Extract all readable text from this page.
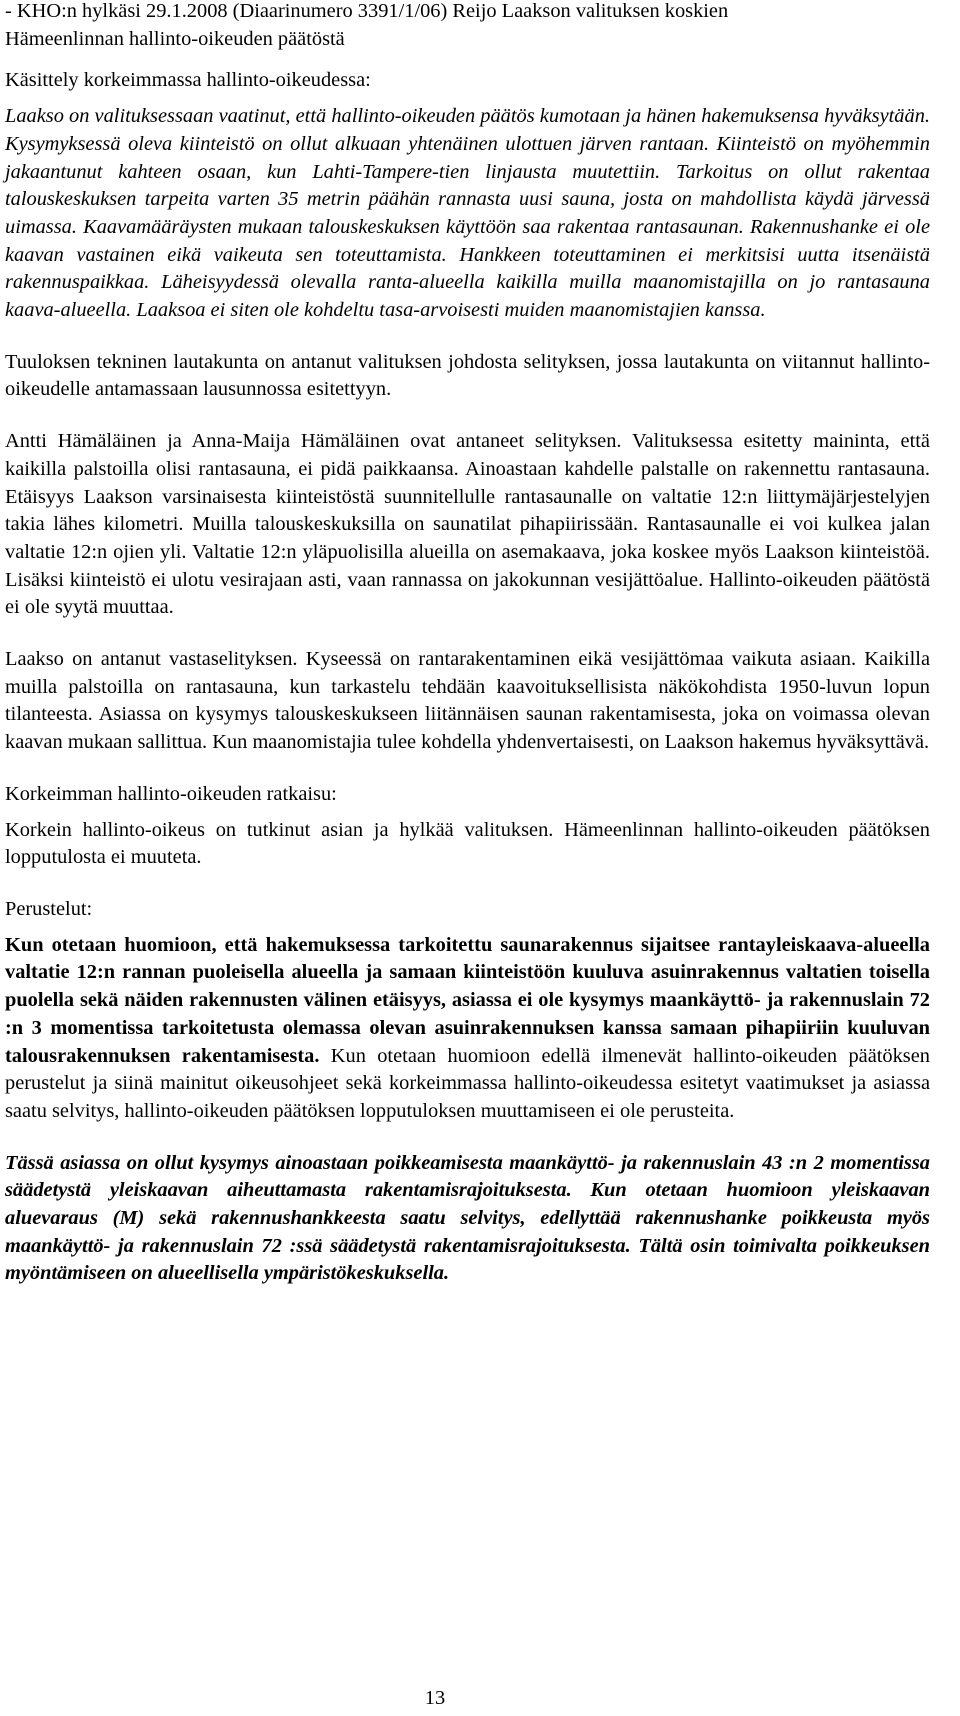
- KHO:n hylkäsi 29.1.2008 (Diaarinumero 3391/1/06) Reijo Laakson valituksen koskien

Hämeenlinnan hallinto-oikeuden päätöstä

Käsittely korkeimmassa hallinto-oikeudessa:

Laakso on valituksessaan vaatinut, että hallinto-oikeuden päätös kumotaan ja hänen hakemuksensa hyväksytään. Kysymyksessä oleva kiinteistö on ollut alkuaan yhtenäinen ulottuen järven rantaan. Kiinteistö on myöhemmin jakaantunut kahteen osaan, kun Lahti-Tampere-tien linjausta muutettiin. Tarkoitus on ollut rakentaa talouskeskuksen tarpeita varten 35 metrin päähän rannasta uusi sauna, josta on mahdollista käydä järvessä uimassa. Kaavamääräysten mukaan talouskeskuksen käyttöön saa rakentaa rantasaunan. Rakennushanke ei ole kaavan vastainen eikä vaikeuta sen toteuttamista. Hankkeen toteuttaminen ei merkitsisi uutta itsenäistä rakennuspaikkaa. Läheisyydessä olevalla ranta-alueella kaikilla muilla maanomistajilla on jo rantasauna kaava-alueella. Laaksoa ei siten ole kohdeltu tasa-arvoisesti muiden maanomistajien kanssa.

Tuuloksen tekninen lautakunta on antanut valituksen johdosta selityksen, jossa lautakunta on viitannut hallinto-oikeudelle antamassaan lausunnossa esitettyyn.

Antti Hämäläinen ja Anna-Maija Hämäläinen ovat antaneet selityksen. Valituksessa esitetty maininta, että kaikilla palstoilla olisi rantasauna, ei pidä paikkaansa. Ainoastaan kahdelle palstalle on rakennettu rantasauna. Etäisyys Laakson varsinaisesta kiinteistöstä suunnitellulle rantasaunalle on valtatie 12:n liittymäjärjestelyjen takia lähes kilometri. Muilla talouskeskuksilla on saunatilat pihapiirissään. Rantasaunalle ei voi kulkea jalan valtatie 12:n ojien yli. Valtatie 12:n yläpuolisilla alueilla on asemakaava, joka koskee myös Laakson kiinteistöä. Lisäksi kiinteistö ei ulotu vesirajaan asti, vaan rannassa on jakokunnan vesijättöalue. Hallinto-oikeuden päätöstä ei ole syytä muuttaa.

Laakso on antanut vastaselityksen. Kyseessä on rantarakentaminen eikä vesijättömaa vaikuta asiaan. Kaikilla muilla palstoilla on rantasauna, kun tarkastelu tehdään kaavoituksellisista näkökohdista 1950-luvun lopun tilanteesta. Asiassa on kysymys talouskeskukseen liitännäisen saunan rakentamisesta, joka on voimassa olevan kaavan mukaan sallittua. Kun maanomistajia tulee kohdella yhdenvertaisesti, on Laakson hakemus hyväksyttävä.

Korkeimman hallinto-oikeuden ratkaisu:

Korkein hallinto-oikeus on tutkinut asian ja hylkää valituksen. Hämeenlinnan hallinto-oikeuden päätöksen lopputulosta ei muuteta.

Perustelut:

Kun otetaan huomioon, että hakemuksessa tarkoitettu saunarakennus sijaitsee rantayleiskaava-alueella valtatie 12:n rannan puoleisella alueella ja samaan kiinteistöön kuuluva asuinrakennus valtatien toisella puolella sekä näiden rakennusten välinen etäisyys, asiassa ei ole kysymys maankäyttö- ja rakennuslain 72 :n 3 momentissa tarkoitetusta olemassa olevan asuinrakennuksen kanssa samaan pihapiiriin kuuluvan talousrakennuksen rakentamisesta. Kun otetaan huomioon edellä ilmenevät hallinto-oikeuden päätöksen perustelut ja siinä mainitut oikeusohjeet sekä korkeimmassa hallinto-oikeudessa esitetyt vaatimukset ja asiassa saatu selvitys, hallinto-oikeuden päätöksen lopputuloksen muuttamiseen ei ole perusteita.

Tässä asiassa on ollut kysymys ainoastaan poikkeamisesta maankäyttö- ja rakennuslain 43 :n 2 momentissa säädetystä yleiskaavan aiheuttamasta rakentamisrajoituksesta. Kun otetaan huomioon yleiskaavan aluevaraus (M) sekä rakennushankkeesta saatu selvitys, edellyttää rakennushanke poikkeusta myös maankäyttö- ja rakennuslain 72 :ssä säädetystä rakentamisrajoituksesta. Tältä osin toimivalta poikkeuksen myöntämiseen on alueellisella ympäristökeskuksella.

13
